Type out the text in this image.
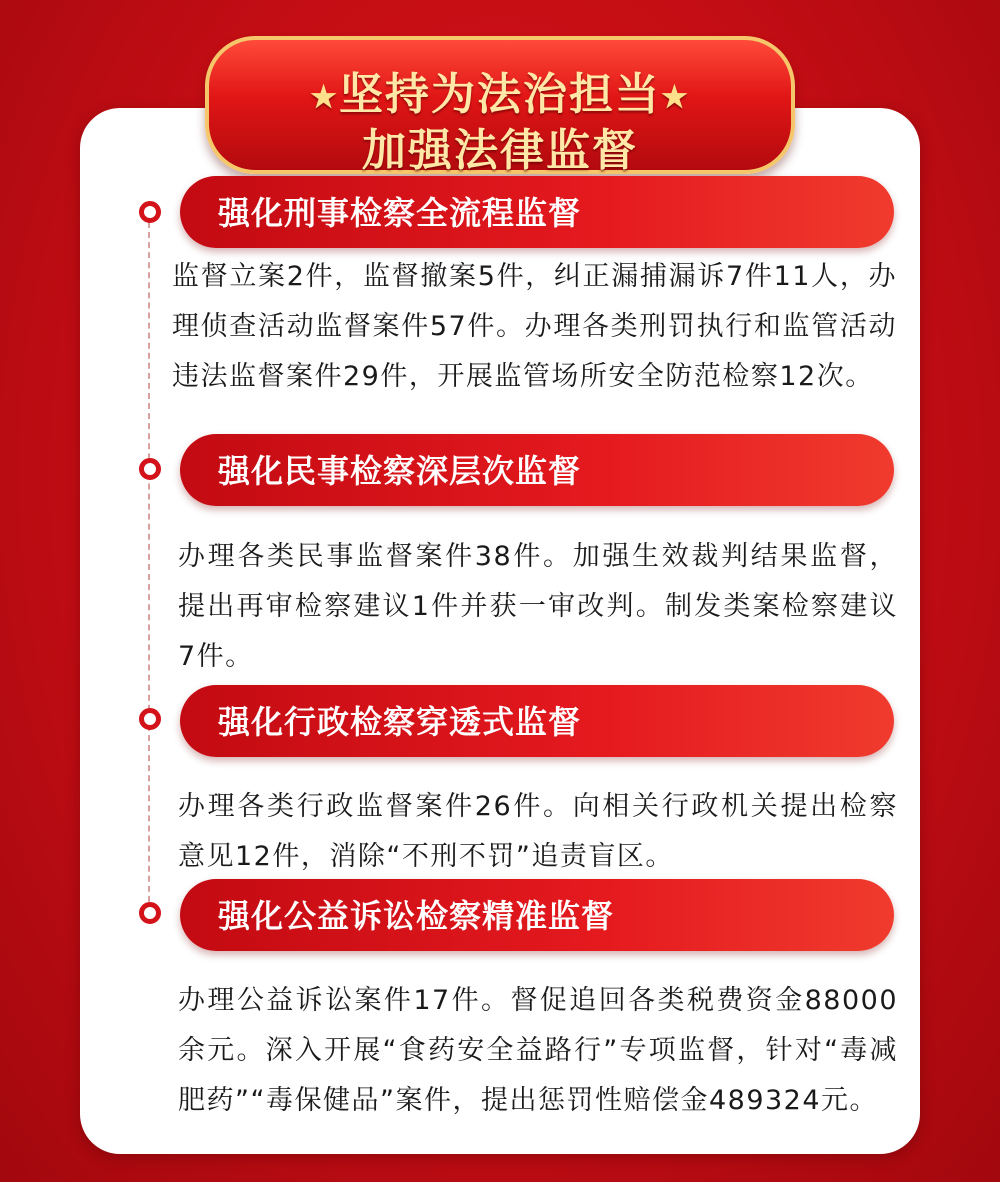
★坚持为法治担当★
加强法律监督
强化刑事检察全流程监督
监督立案2件，监督撤案5件，纠正漏捕漏诉7件11人，办理侦查活动监督案件57件。办理各类刑罚执行和监管活动违法监督案件29件，开展监管场所安全防范检察12次。
强化民事检察深层次监督
办理各类民事监督案件38件。加强生效裁判结果监督，提出再审检察建议1件并获一审改判。制发类案检察建议7件。
强化行政检察穿透式监督
办理各类行政监督案件26件。向相关行政机关提出检察意见12件，消除“不刑不罚”追责盲区。
强化公益诉讼检察精准监督
办理公益诉讼案件17件。督促追回各类税费资金88000余元。深入开展“食药安全益路行”专项监督，针对“毒减肥药”“毒保健品”案件，提出惩罚性赔偿金489324元。
